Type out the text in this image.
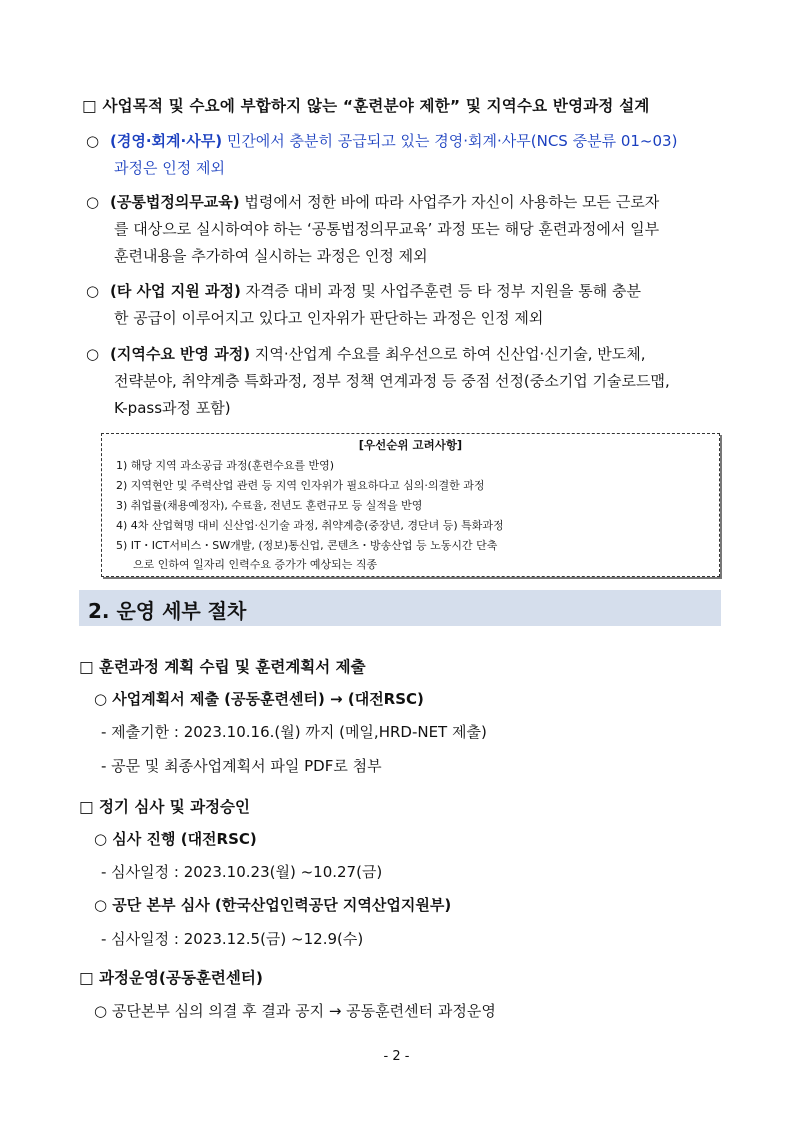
□ 사업목적 및 수요에 부합하지 않는 “훈련분야 제한” 및 지역수요 반영과정 설계
○ (경영·회계·사무) 민간에서 충분히 공급되고 있는 경영·회계·사무(NCS 중분류 01~03)
과정은 인정 제외
○ (공통법정의무교육) 법령에서 정한 바에 따라 사업주가 자신이 사용하는 모든 근로자
를 대상으로 실시하여야 하는 ‘공통법정의무교육’ 과정 또는 해당 훈련과정에서 일부
훈련내용을 추가하여 실시하는 과정은 인정 제외
○ (타 사업 지원 과정) 자격증 대비 과정 및 사업주훈련 등 타 정부 지원을 통해 충분
한 공급이 이루어지고 있다고 인자위가 판단하는 과정은 인정 제외
○ (지역수요 반영 과정) 지역·산업계 수요를 최우선으로 하여 신산업·신기술, 반도체,
전략분야, 취약계층 특화과정, 정부 정책 연계과정 등 중점 선정(중소기업 기술로드맵,
K-pass과정 포함)
[우선순위 고려사항]
1) 해당 지역 과소공급 과정(훈련수요를 반영)
2) 지역현안 및 주력산업 관련 등 지역 인자위가 필요하다고 심의·의결한 과정
3) 취업률(채용예정자), 수료율, 전년도 훈련규모 등 실적을 반영
4) 4차 산업혁명 대비 신산업·신기술 과정, 취약계층(중장년, 경단녀 등) 특화과정
5) IT・ICT서비스・SW개발, (정보)통신업, 콘텐츠・방송산업 등 노동시간 단축
으로 인하여 일자리 인력수요 증가가 예상되는 직종
2. 운영 세부 절차
□ 훈련과정 계획 수립 및 훈련계획서 제출
○ 사업계획서 제출 (공동훈련센터) → (대전RSC)
- 제출기한 : 2023.10.16.(월) 까지 (메일,HRD-NET 제출)
- 공문 및 최종사업계획서 파일 PDF로 첨부
□ 정기 심사 및 과정승인
○ 심사 진행 (대전RSC)
- 심사일정 : 2023.10.23(월) ~10.27(금)
○ 공단 본부 심사 (한국산업인력공단 지역산업지원부)
- 심사일정 : 2023.12.5(금) ~12.9(수)
□ 과정운영(공동훈련센터)
○ 공단본부 심의 의결 후 결과 공지 → 공동훈련센터 과정운영
- 2 -
